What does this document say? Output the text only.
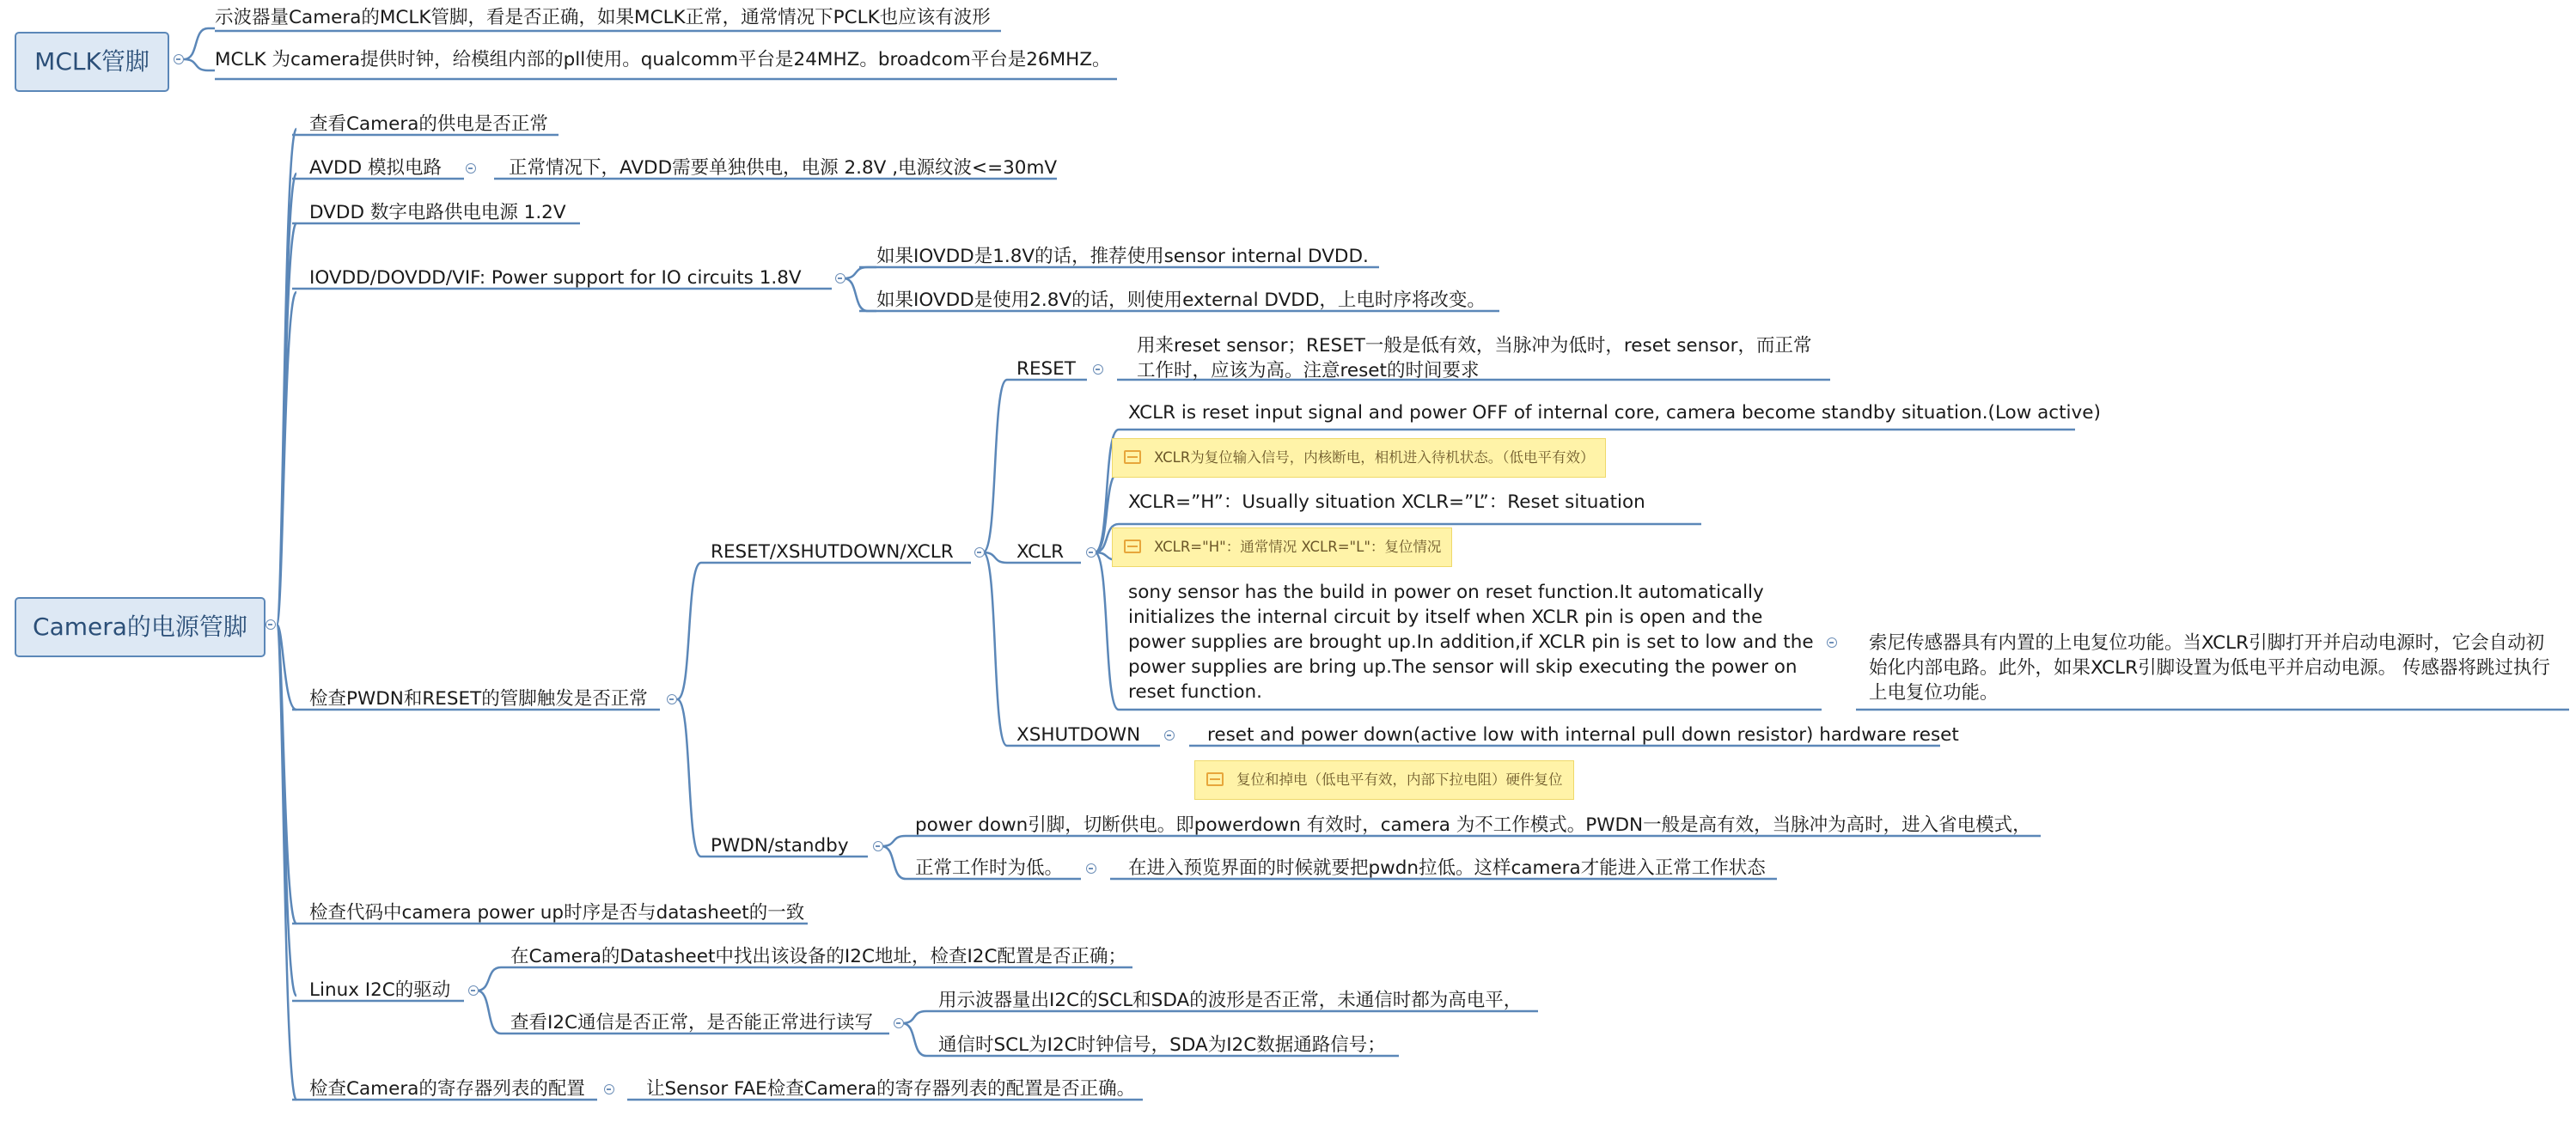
MCLK管脚
示波器量Camera的MCLK管脚，看是否正确，如果MCLK正常，通常情况下PCLK也应该有波形
MCLK 为camera提供时钟，给模组内部的pll使用。qualcomm平台是24MHZ。broadcom平台是26MHZ。
Camera的电源管脚
查看Camera的供电是否正常
AVDD 模拟电路	正常情况下，AVDD需要单独供电，电源 2.8V ,电源纹波<=30mV
DVDD 数字电路供电电源 1.2V
IOVDD/DOVDD/VIF: Power support for IO circuits 1.8V
如果IOVDD是1.8V的话，推荐使用sensor internal DVDD.
如果IOVDD是使用2.8V的话，则使用external DVDD，上电时序将改变。
检查PWDN和RESET的管脚触发是否正常
RESET/XSHUTDOWN/XCLR
RESET
用来reset sensor；RESET一般是低有效，当脉冲为低时，reset sensor，而正常工作时，应该为高。注意reset的时间要求
XCLR
XCLR is reset input signal and power OFF of internal core, camera become standby situation.(Low active)
XCLR为复位输入信号，内核断电，相机进入待机状态。（低电平有效）
XCLR=”H”：Usually situation XCLR=”L”：Reset situation
XCLR="H"：通常情况 XCLR="L"：复位情况
sony sensor has the build in power on reset function.It automatically initializes the internal circuit by itself when XCLR pin is open and the power supplies are brought up.In addition,if XCLR pin is set to low and the power supplies are bring up.The sensor will skip executing the power on reset function.
索尼传感器具有内置的上电复位功能。当XCLR引脚打开并启动电源时，它会自动初始化内部电路。此外，如果XCLR引脚设置为低电平并启动电源。 传感器将跳过执行上电复位功能。
XSHUTDOWN	reset and power down(active low with internal pull down resistor) hardware reset
复位和掉电（低电平有效，内部下拉电阻）硬件复位
PWDN/standby
power down引脚，切断供电。即powerdown 有效时，camera 为不工作模式。PWDN一般是高有效，当脉冲为高时，进入省电模式，
正常工作时为低。	在进入预览界面的时候就要把pwdn拉低。这样camera才能进入正常工作状态
检查代码中camera power up时序是否与datasheet的一致
Linux I2C的驱动
在Camera的Datasheet中找出该设备的I2C地址，检查I2C配置是否正确；
查看I2C通信是否正常，是否能正常进行读写
用示波器量出I2C的SCL和SDA的波形是否正常，未通信时都为高电平，
通信时SCL为I2C时钟信号，SDA为I2C数据通路信号；
检查Camera的寄存器列表的配置	让Sensor FAE检查Camera的寄存器列表的配置是否正确。
